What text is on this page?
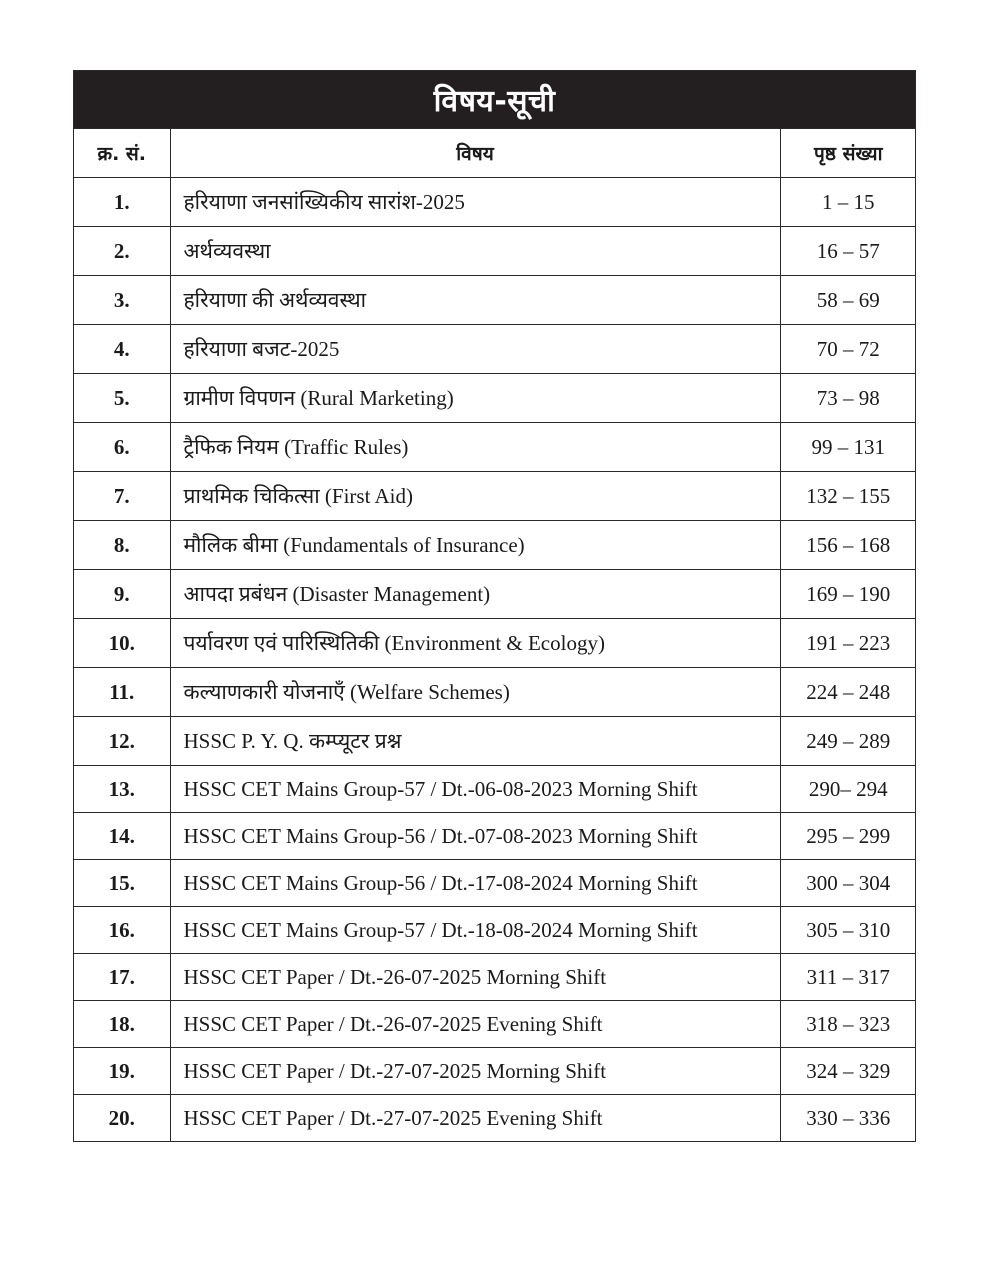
विषय-सूची
क्र. सं.	विषय	पृष्ठ संख्या
1.	हरियाणा जनसांख्यिकीय सारांश-2025	1 – 15
2.	अर्थव्यवस्था	16 – 57
3.	हरियाणा की अर्थव्यवस्था	58 – 69
4.	हरियाणा बजट-2025	70 – 72
5.	ग्रामीण विपणन (Rural Marketing)	73 – 98
6.	ट्रैफिक नियम (Traffic Rules)	99 – 131
7.	प्राथमिक चिकित्सा (First Aid)	132 – 155
8.	मौलिक बीमा (Fundamentals of Insurance)	156 – 168
9.	आपदा प्रबंधन (Disaster Management)	169 – 190
10.	पर्यावरण एवं पारिस्थितिकी (Environment & Ecology)	191 – 223
11.	कल्याणकारी योजनाएँ (Welfare Schemes)	224 – 248
12.	HSSC P. Y. Q. कम्प्यूटर प्रश्न	249 – 289
13.	HSSC CET Mains Group-57 / Dt.-06-08-2023 Morning Shift	290– 294
14.	HSSC CET Mains Group-56 / Dt.-07-08-2023 Morning Shift	295 – 299
15.	HSSC CET Mains Group-56 / Dt.-17-08-2024 Morning Shift	300 – 304
16.	HSSC CET Mains Group-57 / Dt.-18-08-2024 Morning Shift	305 – 310
17.	HSSC CET Paper / Dt.-26-07-2025 Morning Shift	311 – 317
18.	HSSC CET Paper / Dt.-26-07-2025 Evening Shift	318 – 323
19.	HSSC CET Paper / Dt.-27-07-2025 Morning Shift	324 – 329
20.	HSSC CET Paper / Dt.-27-07-2025 Evening Shift	330 – 336
